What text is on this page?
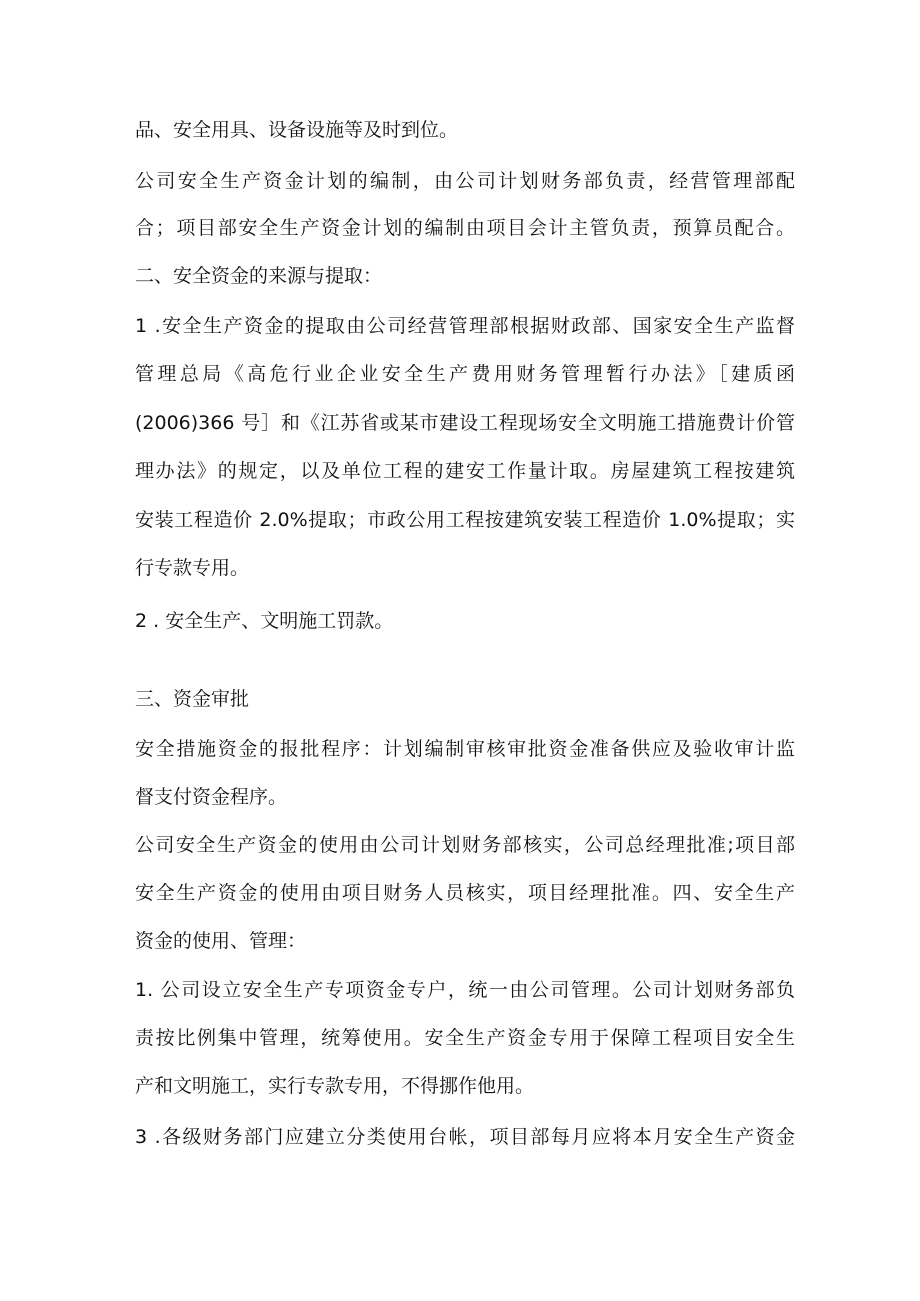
品、安全用具、设备设施等及时到位。
公司安全生产资金计划的编制，由公司计划财务部负责，经营管理部配
合；项目部安全生产资金计划的编制由项目会计主管负责，预算员配合。
二、安全资金的来源与提取：
1 .安全生产资金的提取由公司经营管理部根据财政部、国家安全生产监督
管理总局《高危行业企业安全生产费用财务管理暂行办法》［建质函
(2006)366 号］和《江苏省或某市建设工程现场安全文明施工措施费计价管
理办法》的规定，以及单位工程的建安工作量计取。房屋建筑工程按建筑
安装工程造价 2.0%提取；市政公用工程按建筑安装工程造价 1.0%提取；实
行专款专用。
2 . 安全生产、文明施工罚款。
三、资金审批
安全措施资金的报批程序：计划编制审核审批资金准备供应及验收审计监
督支付资金程序。
公司安全生产资金的使用由公司计划财务部核实，公司总经理批准;项目部
安全生产资金的使用由项目财务人员核实，项目经理批准。四、安全生产
资金的使用、管理：
1. 公司设立安全生产专项资金专户，统一由公司管理。公司计划财务部负
责按比例集中管理，统筹使用。安全生产资金专用于保障工程项目安全生
产和文明施工，实行专款专用，不得挪作他用。
3 .各级财务部门应建立分类使用台帐，项目部每月应将本月安全生产资金
